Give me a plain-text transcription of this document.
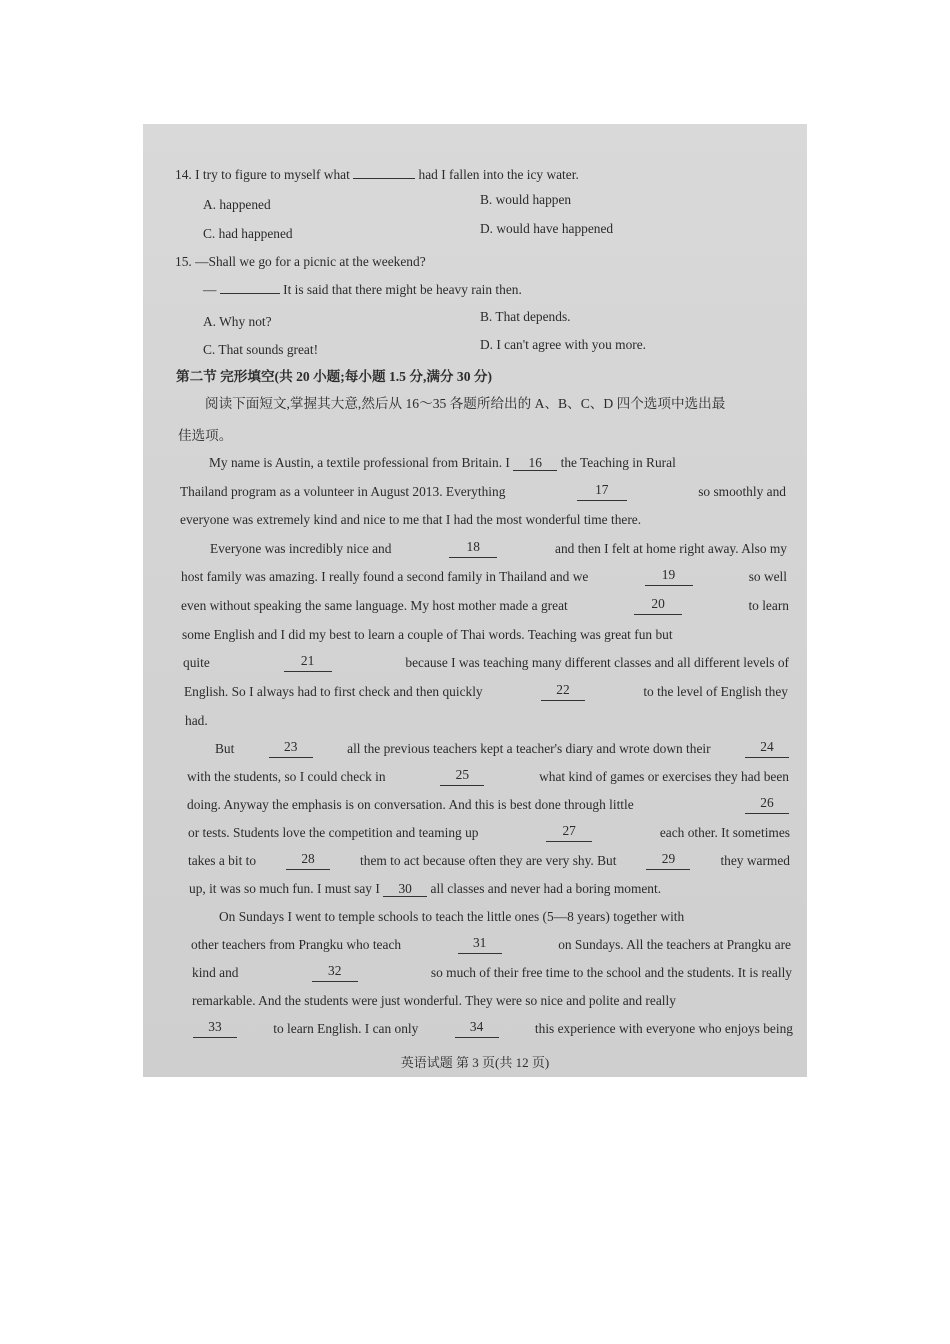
14. I try to figure to myself what	had I fallen into the icy water.
A. happened	B. would happen
C. had happened	D. would have happened
15. —Shall we go for a picnic at the weekend?
—	It is said that there might be heavy rain then.
A. Why not?	B. That depends.
C. That sounds great!	D. I can't agree with you more.
第二节 完形填空(共 20 小题;每小题 1.5 分,满分 30 分)
阅读下面短文,掌握其大意,然后从 16～35 各题所给出的 A、B、C、D 四个选项中选出最
佳选项。
My name is Austin, a textile professional from Britain. I 16 the Teaching in Rural
Thailand program as a volunteer in August 2013. Everything	17	so smoothly and
everyone was extremely kind and nice to me that I had the most wonderful time there.
Everyone was incredibly nice and	18	and then I felt at home right away. Also my
host family was amazing. I really found a second family in Thailand and we	19	so well
even without speaking the same language. My host mother made a great	20	to learn
some English and I did my best to learn a couple of Thai words. Teaching was great fun but
quite	21	because I was teaching many different classes and all different levels of
English. So I always had to first check and then quickly	22	to the level of English they
had.
But	23	all the previous teachers kept a teacher's diary and wrote down their	24
with the students, so I could check in	25	what kind of games or exercises they had been
doing. Anyway the emphasis is on conversation. And this is best done through little	26
or tests. Students love the competition and teaming up	27	each other. It sometimes
takes a bit to	28	them to act because often they are very shy. But	29	they warmed
up, it was so much fun. I must say I 30 all classes and never had a boring moment.
On Sundays I went to temple schools to teach the little ones (5—8 years) together with
other teachers from Prangku who teach	31	on Sundays. All the teachers at Prangku are
kind and	32	so much of their free time to the school and the students. It is really
remarkable. And the students were just wonderful. They were so nice and polite and really
33	to learn English. I can only	34	this experience with everyone who enjoys being
英语试题 第 3 页(共 12 页)
